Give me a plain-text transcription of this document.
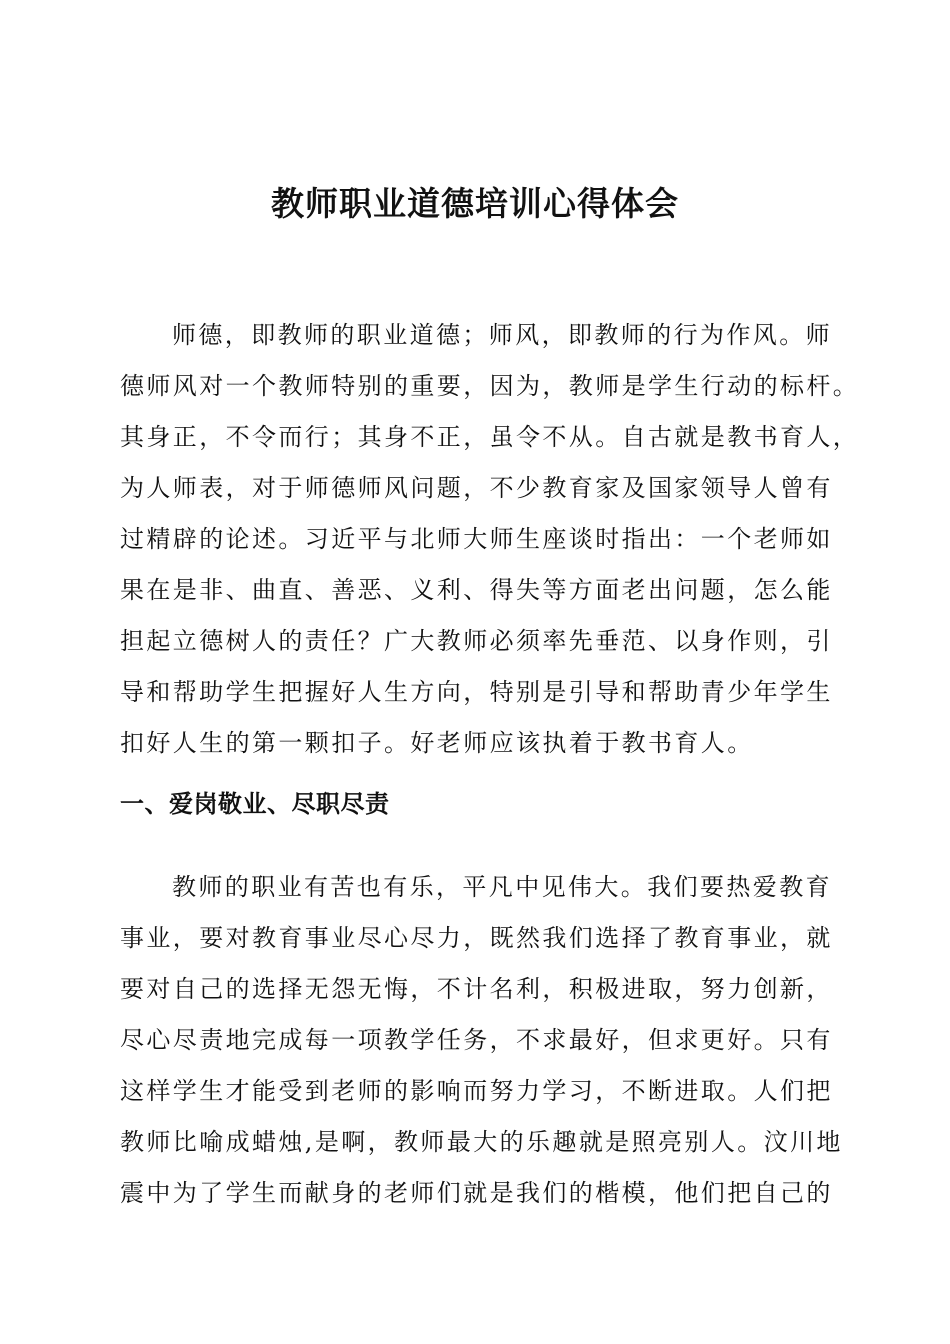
教师职业道德培训心得体会
师德，即教师的职业道德；师风，即教师的行为作风。师
德师风对一个教师特别的重要，因为，教师是学生行动的标杆。
其身正，不令而行；其身不正，虽令不从。自古就是教书育人，
为人师表，对于师德师风问题，不少教育家及国家领导人曾有
过精辟的论述。习近平与北师大师生座谈时指出：一个老师如
果在是非、曲直、善恶、义利、得失等方面老出问题，怎么能
担起立德树人的责任？广大教师必须率先垂范、以身作则，引
导和帮助学生把握好人生方向，特别是引导和帮助青少年学生
扣好人生的第一颗扣子。好老师应该执着于教书育人。
一、爱岗敬业、尽职尽责
教师的职业有苦也有乐，平凡中见伟大。我们要热爱教育
事业，要对教育事业尽心尽力，既然我们选择了教育事业，就
要对自己的选择无怨无悔，不计名利，积极进取，努力创新，
尽心尽责地完成每一项教学任务，不求最好，但求更好。只有
这样学生才能受到老师的影响而努力学习，不断进取。人们把
教师比喻成蜡烛,是啊，教师最大的乐趣就是照亮别人。汶川地
震中为了学生而献身的老师们就是我们的楷模，他们把自己的
